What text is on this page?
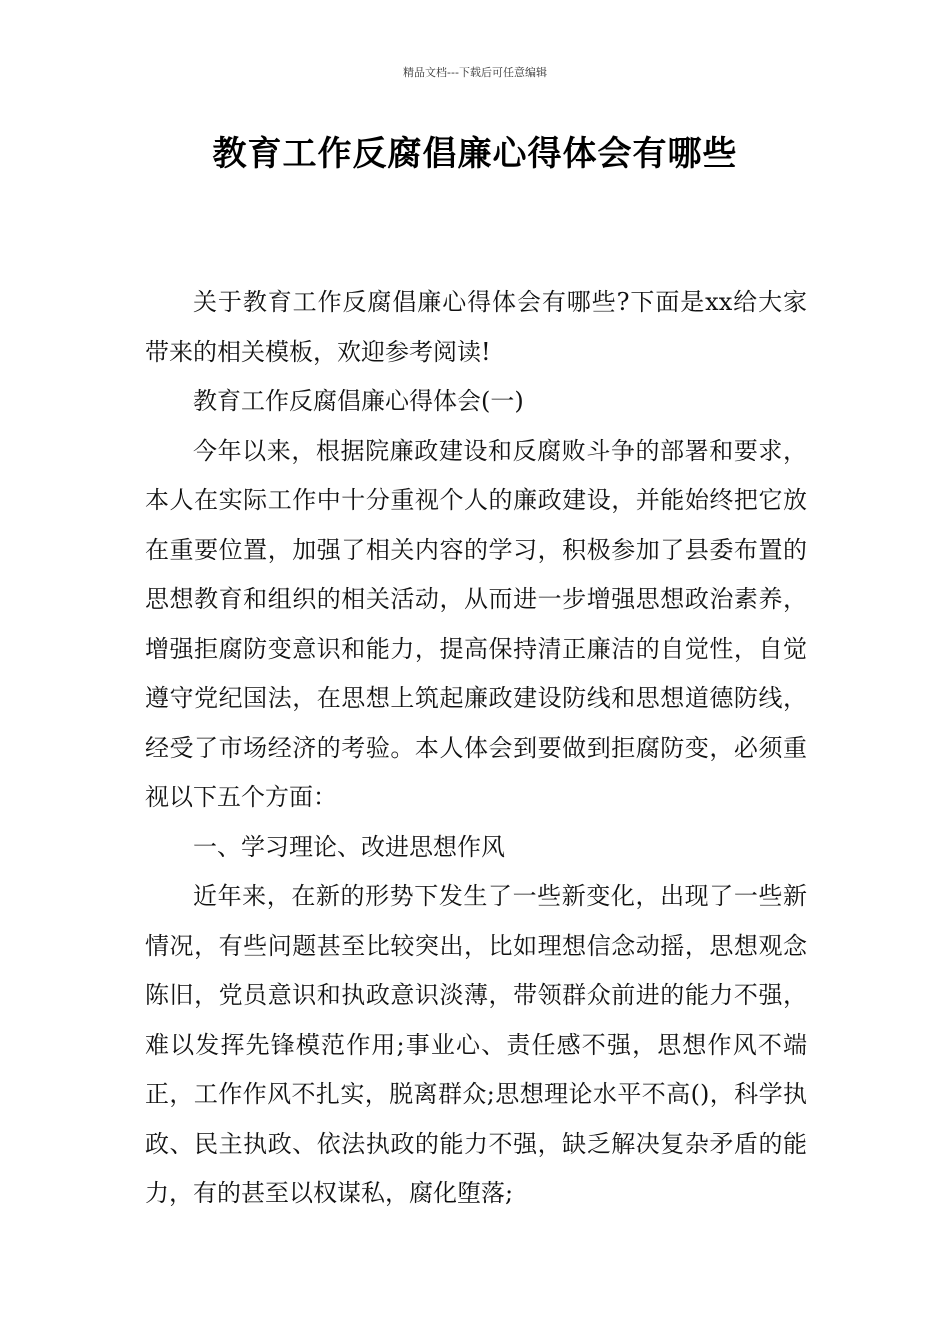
精品文档---下载后可任意编辑
教育工作反腐倡廉心得体会有哪些

关于教育工作反腐倡廉心得体会有哪些?下面是xx给大家带来的相关模板，欢迎参考阅读!

教育工作反腐倡廉心得体会(一)

今年以来，根据院廉政建设和反腐败斗争的部署和要求，本人在实际工作中十分重视个人的廉政建设，并能始终把它放在重要位置，加强了相关内容的学习，积极参加了县委布置的思想教育和组织的相关活动，从而进一步增强思想政治素养，增强拒腐防变意识和能力，提高保持清正廉洁的自觉性，自觉遵守党纪国法，在思想上筑起廉政建设防线和思想道德防线，经受了市场经济的考验。本人体会到要做到拒腐防变，必须重视以下五个方面：

一、学习理论、改进思想作风

近年来，在新的形势下发生了一些新变化，出现了一些新情况，有些问题甚至比较突出，比如理想信念动摇，思想观念陈旧，党员意识和执政意识淡薄，带领群众前进的能力不强，难以发挥先锋模范作用;事业心、责任感不强，思想作风不端正，工作作风不扎实，脱离群众;思想理论水平不高()，科学执政、民主执政、依法执政的能力不强，缺乏解决复杂矛盾的能力，有的甚至以权谋私，腐化堕落;
